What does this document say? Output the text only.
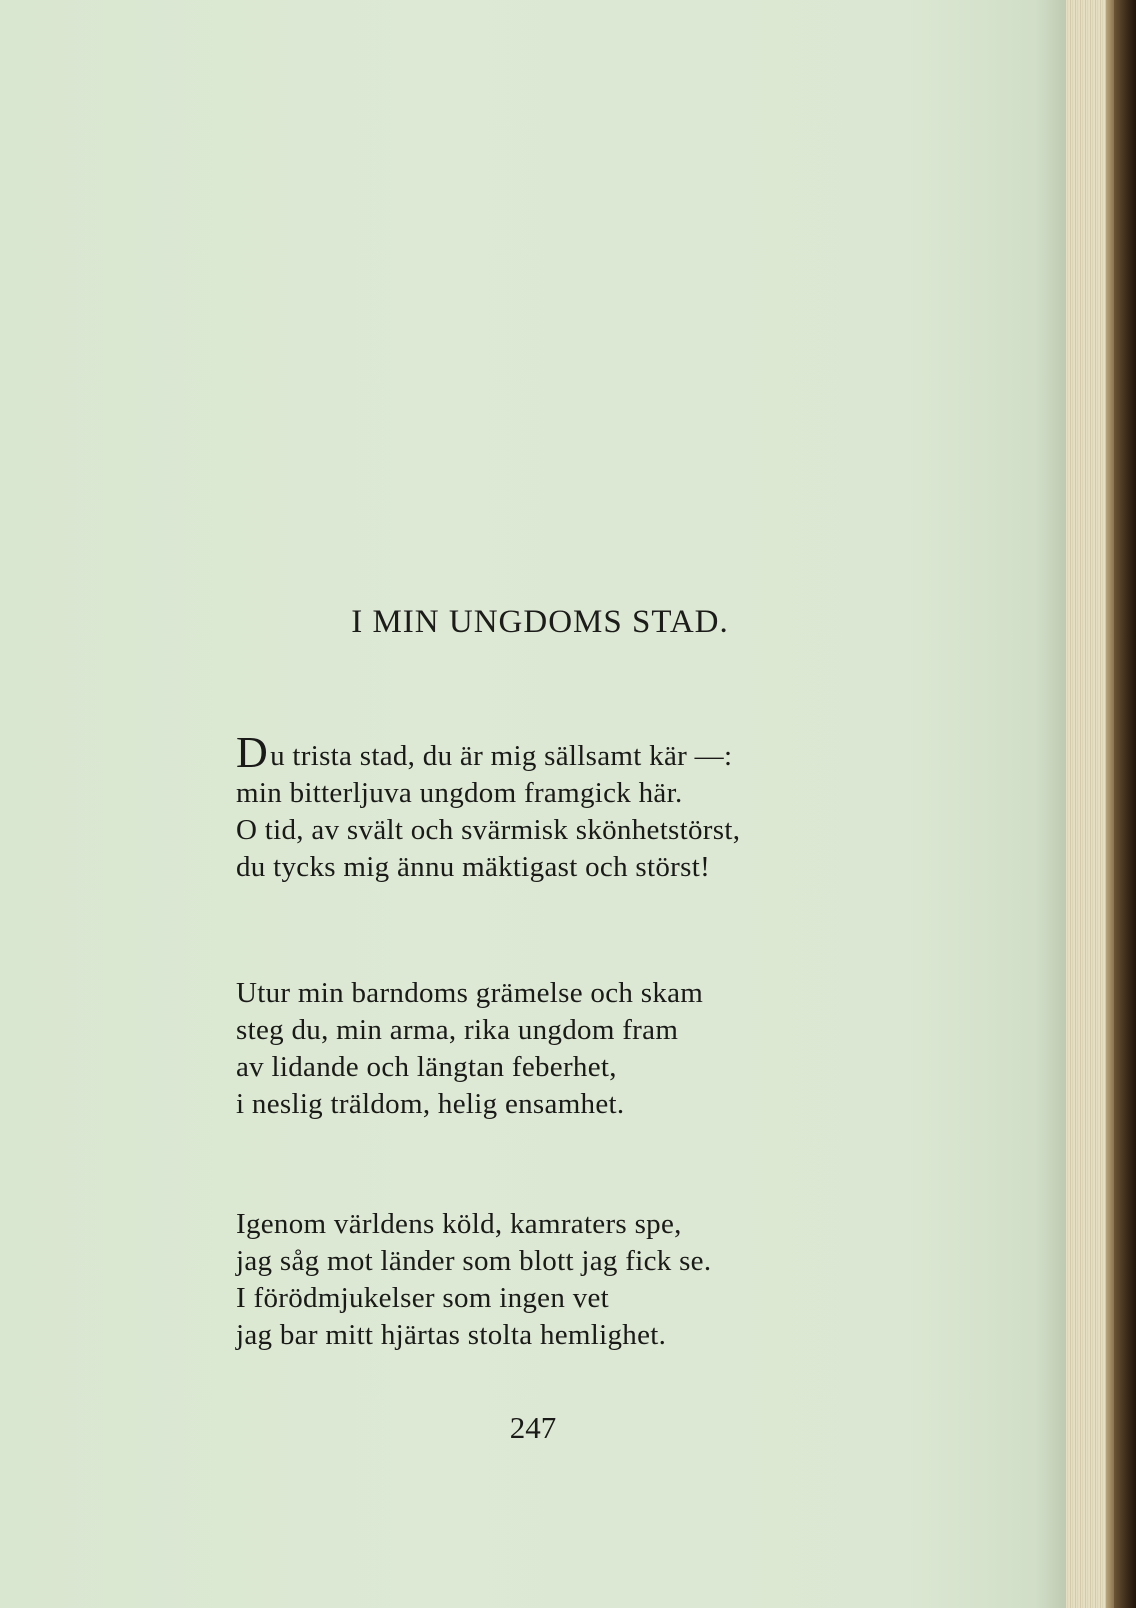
I MIN UNGDOMS STAD.
Du trista stad, du är mig sällsamt kär —:
min bitterljuva ungdom framgick här.
O tid, av svält och svärmisk skönhetstörst,
du tycks mig ännu mäktigast och störst!
Utur min barndoms grämelse och skam
steg du, min arma, rika ungdom fram
av lidande och längtan feberhet,
i neslig träldom, helig ensamhet.
Igenom världens köld, kamraters spe,
jag såg mot länder som blott jag fick se.
I förödmjukelser som ingen vet
jag bar mitt hjärtas stolta hemlighet.
247
